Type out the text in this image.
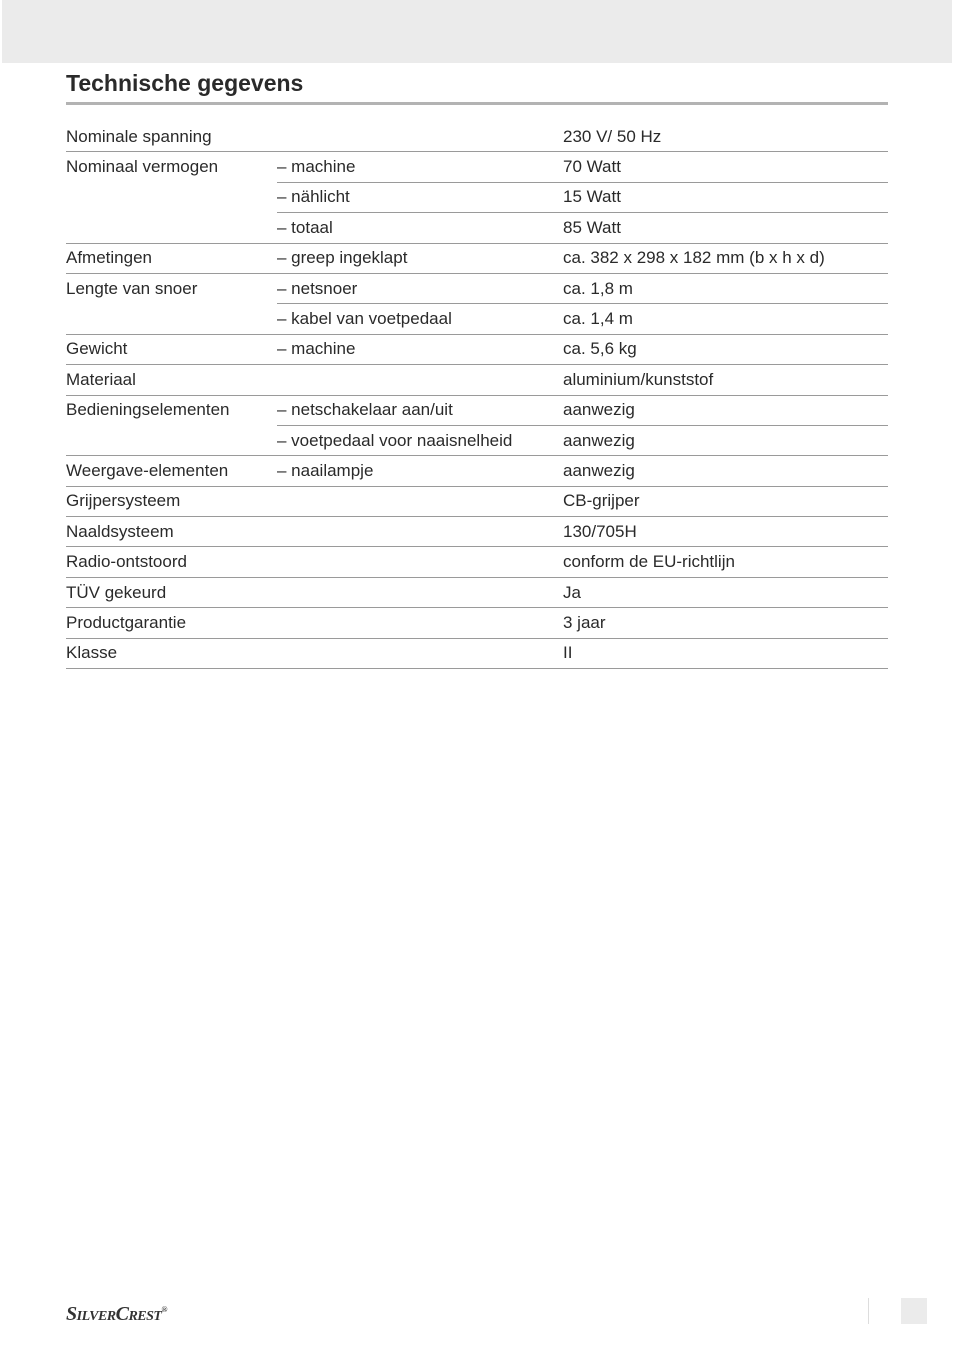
Technische gegevens
Nominale spanning		230 V/ 50 Hz
Nominaal vermogen	– machine	70 Watt
	– nählicht	15 Watt
	– totaal	85 Watt
Afmetingen	– greep ingeklapt	ca. 382 x 298 x 182 mm (b x h x d)
Lengte van snoer	– netsnoer	ca. 1,8 m
	– kabel van voetpedaal	ca. 1,4 m
Gewicht	– machine	ca. 5,6 kg
Materiaal		aluminium/kunststof
Bedieningselementen	– netschakelaar aan/uit	aanwezig
	– voetpedaal voor naaisnelheid	aanwezig
Weergave-elementen	– naailampje	aanwezig
Grijpersysteem		CB-grijper
Naaldsysteem		130/705H
Radio-ontstoord		conform de EU-richtlijn
TÜV gekeurd		Ja
Productgarantie		3 jaar
Klasse		II
SilverCrest®
